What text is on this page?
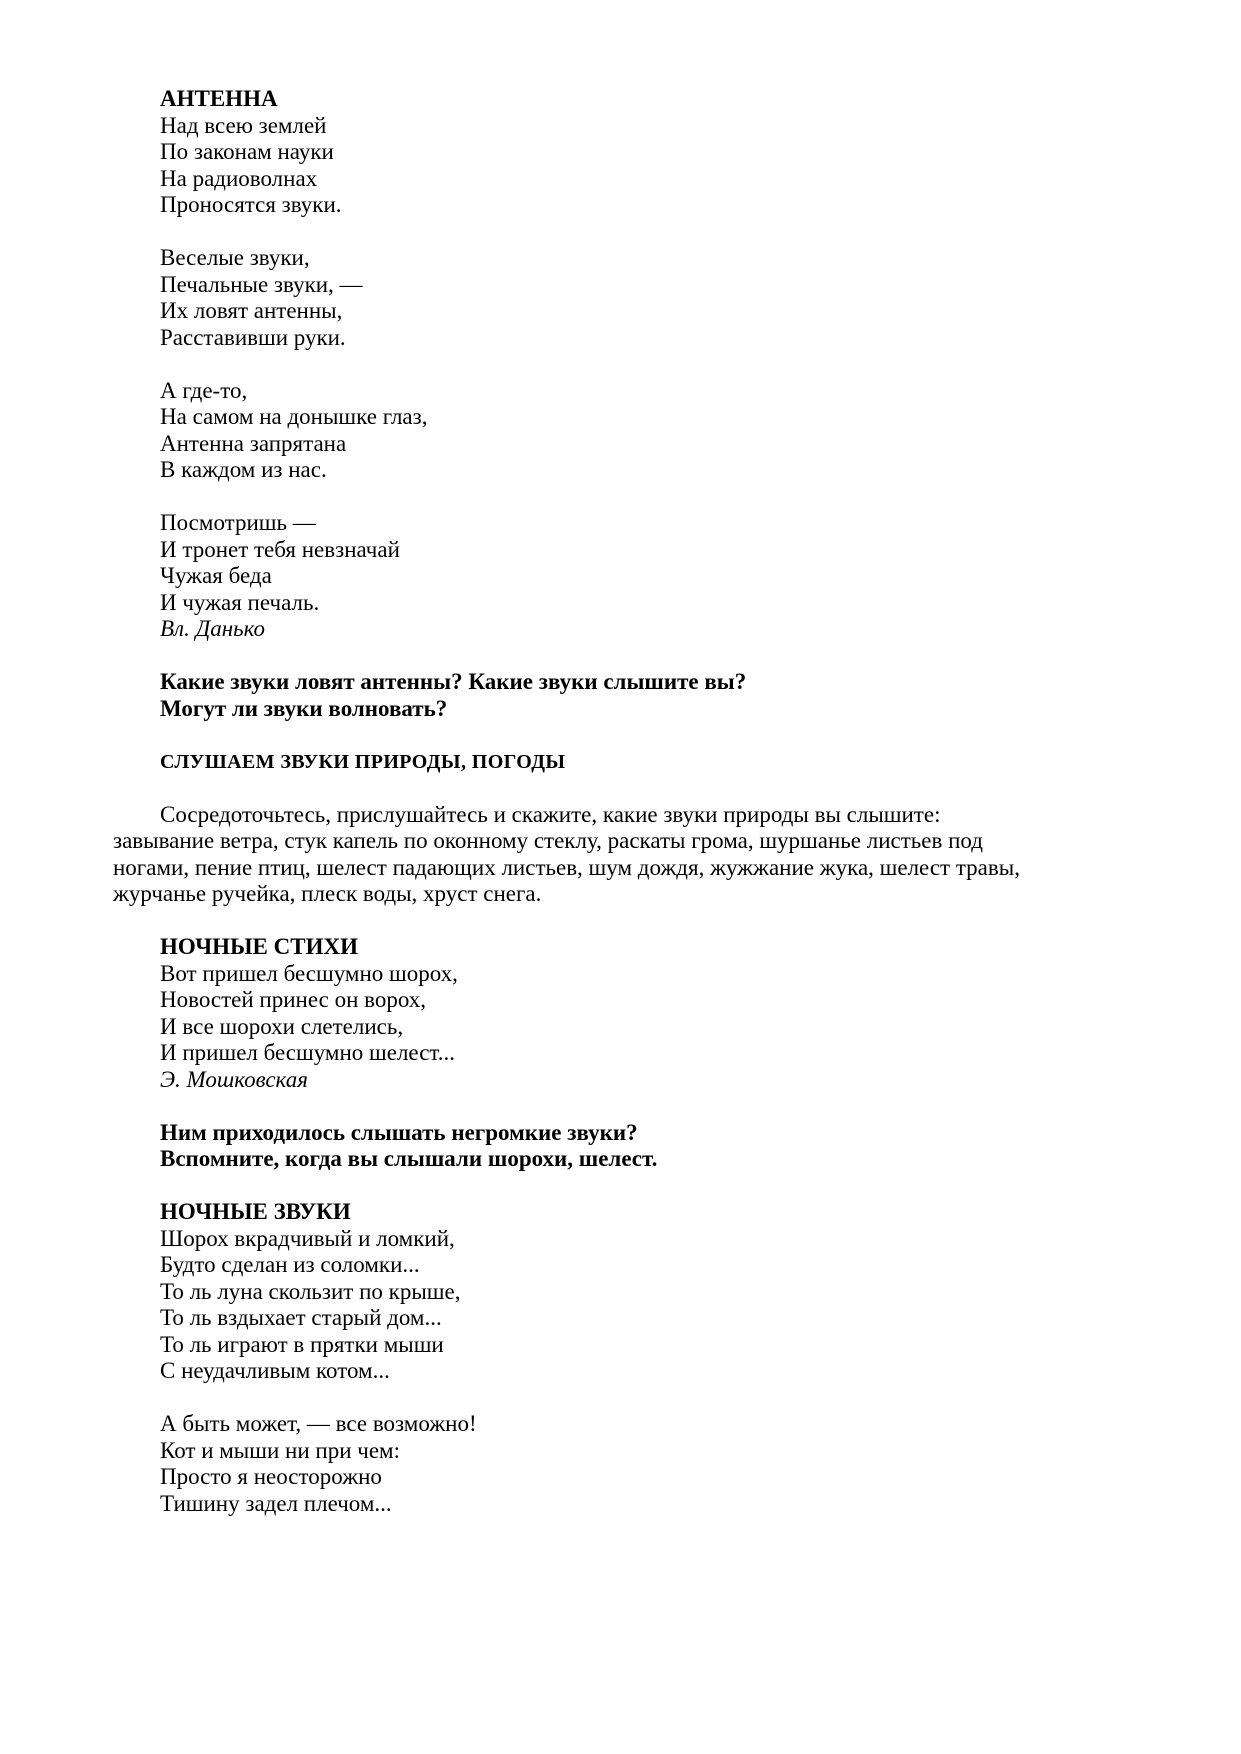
АНТЕННА
Над всею землей
По законам науки
На радиоволнах
Проносятся звуки.
Веселые звуки,
Печальные звуки, —
Их ловят антенны,
Расставивши руки.
А где-то,
На самом на донышке глаз,
Антенна запрятана
В каждом из нас.
Посмотришь —
И тронет тебя невзначай
Чужая беда
И чужая печаль.
Вл. Данько
Какие звуки ловят антенны? Какие звуки слышите вы?
Могут ли звуки волновать?
СЛУШАЕМ ЗВУКИ ПРИРОДЫ, ПОГОДЫ
Сосредоточьтесь, прислушайтесь и скажите, какие звуки природы вы слышите: завывание ветра, стук капель по оконному стеклу, раскаты грома, шуршанье листьев под ногами, пение птиц, шелест падающих листьев, шум дождя, жужжание жука, шелест травы, журчанье ручейка, плеск воды, хруст снега.
НОЧНЫЕ СТИХИ
Вот пришел бесшумно шорох,
Новостей принес он ворох,
И все шорохи слетелись,
И пришел бесшумно шелест...
Э. Мошковская
Ним приходилось слышать негромкие звуки?
Вспомните, когда вы слышали шорохи, шелест.
НОЧНЫЕ ЗВУКИ
Шорох вкрадчивый и ломкий,
Будто сделан из соломки...
То ль луна скользит по крыше,
То ль вздыхает старый дом...
То ль играют в прятки мыши
С неудачливым котом...
А быть может, — все возможно!
Кот и мыши ни при чем:
Просто я неосторожно
Тишину задел плечом...
